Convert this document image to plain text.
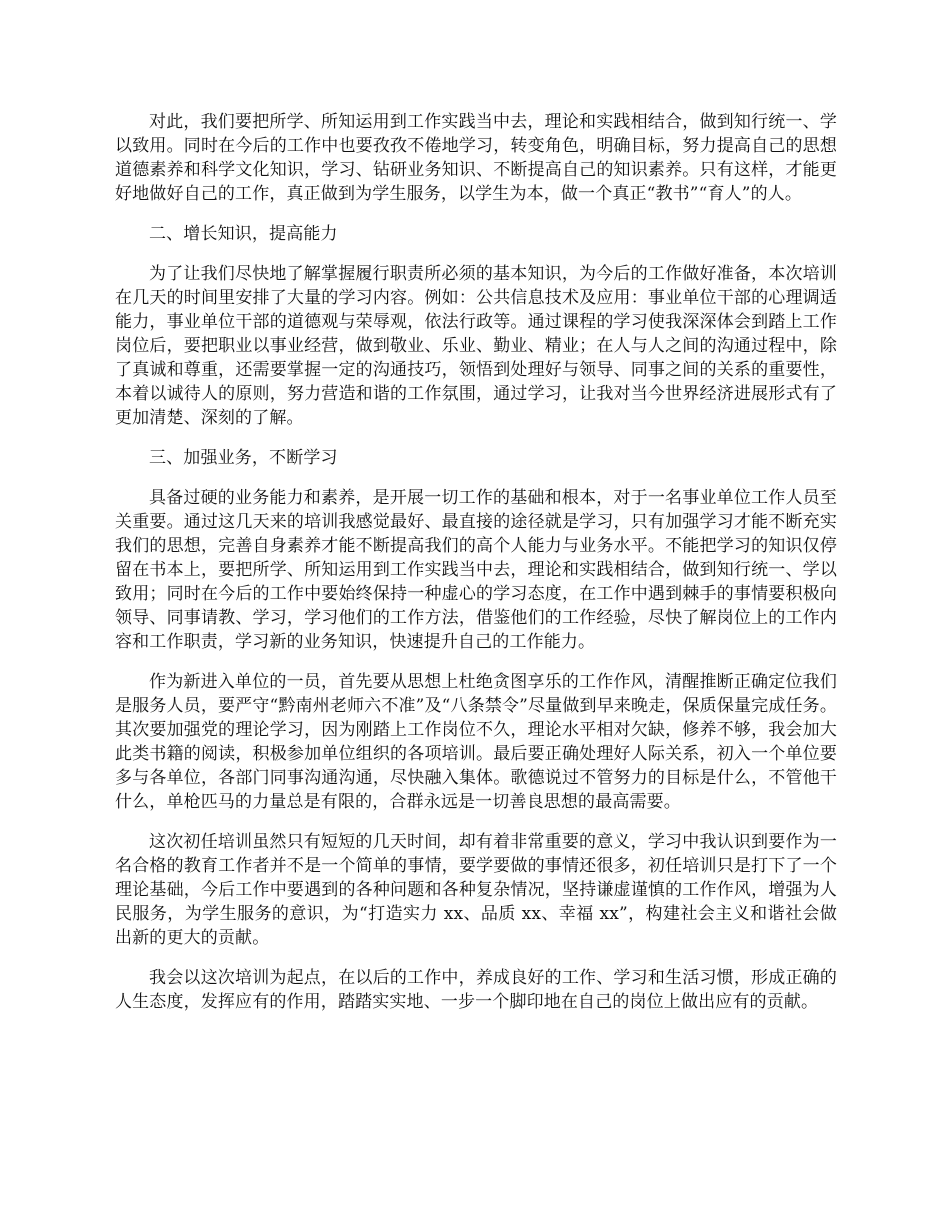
对此，我们要把所学、所知运用到工作实践当中去，理论和实践相结合，做到知行统一、学以致用。同时在今后的工作中也要孜孜不倦地学习，转变角色，明确目标，努力提高自己的思想道德素养和科学文化知识，学习、钻研业务知识、不断提高自己的知识素养。只有这样，才能更好地做好自己的工作，真正做到为学生服务，以学生为本，做一个真正“教书”“育人”的人。

二、增长知识，提高能力

为了让我们尽快地了解掌握履行职责所必须的基本知识，为今后的工作做好准备，本次培训在几天的时间里安排了大量的学习内容。例如：公共信息技术及应用：事业单位干部的心理调适能力，事业单位干部的道德观与荣辱观，依法行政等。通过课程的学习使我深深体会到踏上工作岗位后，要把职业以事业经营，做到敬业、乐业、勤业、精业；在人与人之间的沟通过程中，除了真诚和尊重，还需要掌握一定的沟通技巧，领悟到处理好与领导、同事之间的关系的重要性，本着以诚待人的原则，努力营造和谐的工作氛围，通过学习，让我对当今世界经济进展形式有了更加清楚、深刻的了解。

三、加强业务，不断学习

具备过硬的业务能力和素养，是开展一切工作的基础和根本，对于一名事业单位工作人员至关重要。通过这几天来的培训我感觉最好、最直接的途径就是学习，只有加强学习才能不断充实我们的思想，完善自身素养才能不断提高我们的高个人能力与业务水平。不能把学习的知识仅停留在书本上，要把所学、所知运用到工作实践当中去，理论和实践相结合，做到知行统一、学以致用；同时在今后的工作中要始终保持一种虚心的学习态度，在工作中遇到棘手的事情要积极向领导、同事请教、学习，学习他们的工作方法，借鉴他们的工作经验，尽快了解岗位上的工作内容和工作职责，学习新的业务知识，快速提升自己的工作能力。

作为新进入单位的一员，首先要从思想上杜绝贪图享乐的工作作风，清醒推断正确定位我们是服务人员，要严守“黔南州老师六不准”及“八条禁令”尽量做到早来晚走，保质保量完成任务。其次要加强党的理论学习，因为刚踏上工作岗位不久，理论水平相对欠缺，修养不够，我会加大此类书籍的阅读，积极参加单位组织的各项培训。最后要正确处理好人际关系，初入一个单位要多与各单位，各部门同事沟通沟通，尽快融入集体。歌德说过不管努力的目标是什么，不管他干什么，单枪匹马的力量总是有限的，合群永远是一切善良思想的最高需要。

这次初任培训虽然只有短短的几天时间，却有着非常重要的意义，学习中我认识到要作为一名合格的教育工作者并不是一个简单的事情，要学要做的事情还很多，初任培训只是打下了一个理论基础，今后工作中要遇到的各种问题和各种复杂情况，坚持谦虚谨慎的工作作风，增强为人民服务，为学生服务的意识，为“打造实力 xx、品质 xx、幸福 xx”，构建社会主义和谐社会做出新的更大的贡献。

我会以这次培训为起点，在以后的工作中，养成良好的工作、学习和生活习惯，形成正确的人生态度，发挥应有的作用，踏踏实实地、一步一个脚印地在自己的岗位上做出应有的贡献。
